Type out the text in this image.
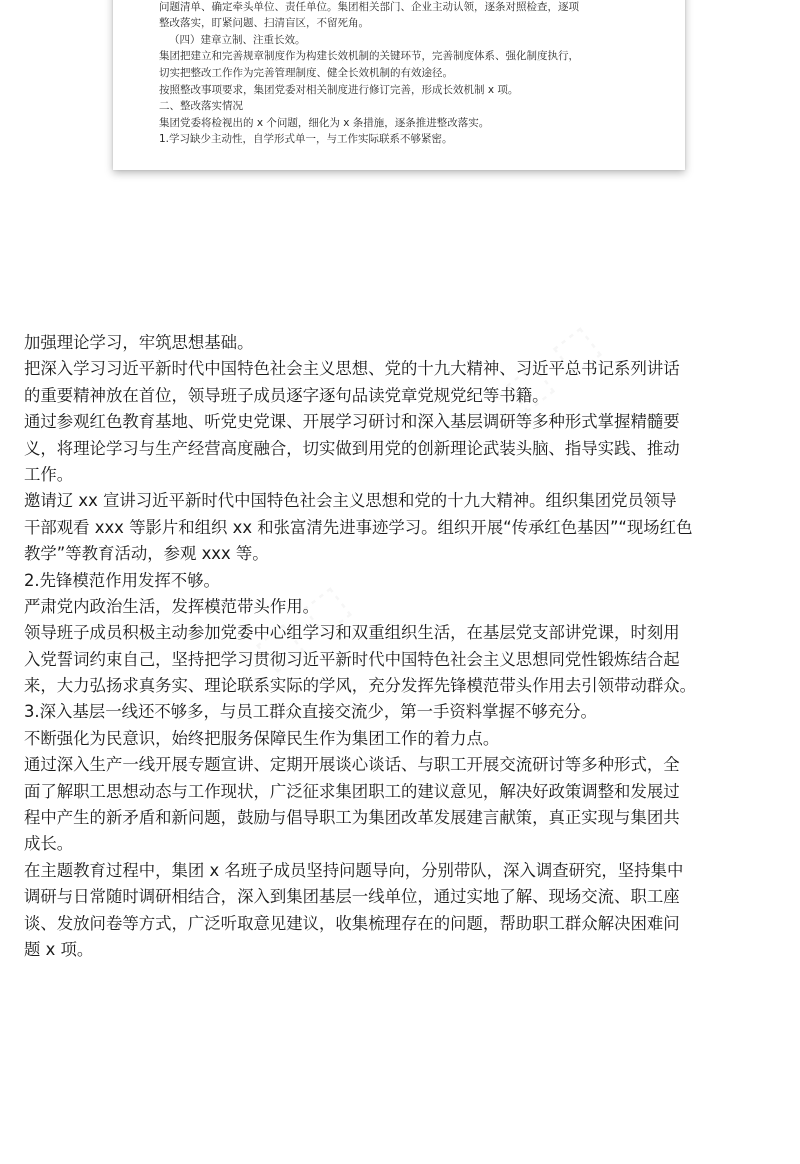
问题清单、确定牵头单位、责任单位。集团相关部门、企业主动认领，逐条对照检查，逐项
整改落实，盯紧问题、扫清盲区，不留死角。
（四）建章立制、注重长效。
集团把建立和完善规章制度作为构建长效机制的关键环节，完善制度体系、强化制度执行，
切实把整改工作作为完善管理制度、健全长效机制的有效途径。
按照整改事项要求，集团党委对相关制度进行修订完善，形成长效机制 x 项。
二、整改落实情况
集团党委将检视出的 x 个问题，细化为 x 条措施，逐条推进整改落实。
1.学习缺少主动性，自学形式单一，与工作实际联系不够紧密。
加强理论学习，牢筑思想基础。
把深入学习习近平新时代中国特色社会主义思想、党的十九大精神、习近平总书记系列讲话
的重要精神放在首位，领导班子成员逐字逐句品读党章党规党纪等书籍。
通过参观红色教育基地、听党史党课、开展学习研讨和深入基层调研等多种形式掌握精髓要
义，将理论学习与生产经营高度融合，切实做到用党的创新理论武装头脑、指导实践、推动
工作。
邀请辽 xx 宣讲习近平新时代中国特色社会主义思想和党的十九大精神。组织集团党员领导
干部观看 xxx 等影片和组织 xx 和张富清先进事迹学习。组织开展“传承红色基因”“现场红色
教学”等教育活动，参观 xxx 等。
2.先锋模范作用发挥不够。
严肃党内政治生活，发挥模范带头作用。
领导班子成员积极主动参加党委中心组学习和双重组织生活，在基层党支部讲党课，时刻用
入党誓词约束自己，坚持把学习贯彻习近平新时代中国特色社会主义思想同党性锻炼结合起
来，大力弘扬求真务实、理论联系实际的学风，充分发挥先锋模范带头作用去引领带动群众。
3.深入基层一线还不够多，与员工群众直接交流少，第一手资料掌握不够充分。
不断强化为民意识，始终把服务保障民生作为集团工作的着力点。
通过深入生产一线开展专题宣讲、定期开展谈心谈话、与职工开展交流研讨等多种形式，全
面了解职工思想动态与工作现状，广泛征求集团职工的建议意见，解决好政策调整和发展过
程中产生的新矛盾和新问题，鼓励与倡导职工为集团改革发展建言献策，真正实现与集团共
成长。
在主题教育过程中，集团 x 名班子成员坚持问题导向，分别带队，深入调查研究，坚持集中
调研与日常随时调研相结合，深入到集团基层一线单位，通过实地了解、现场交流、职工座
谈、发放问卷等方式，广泛听取意见建议，收集梳理存在的问题，帮助职工群众解决困难问
题 x 项。
